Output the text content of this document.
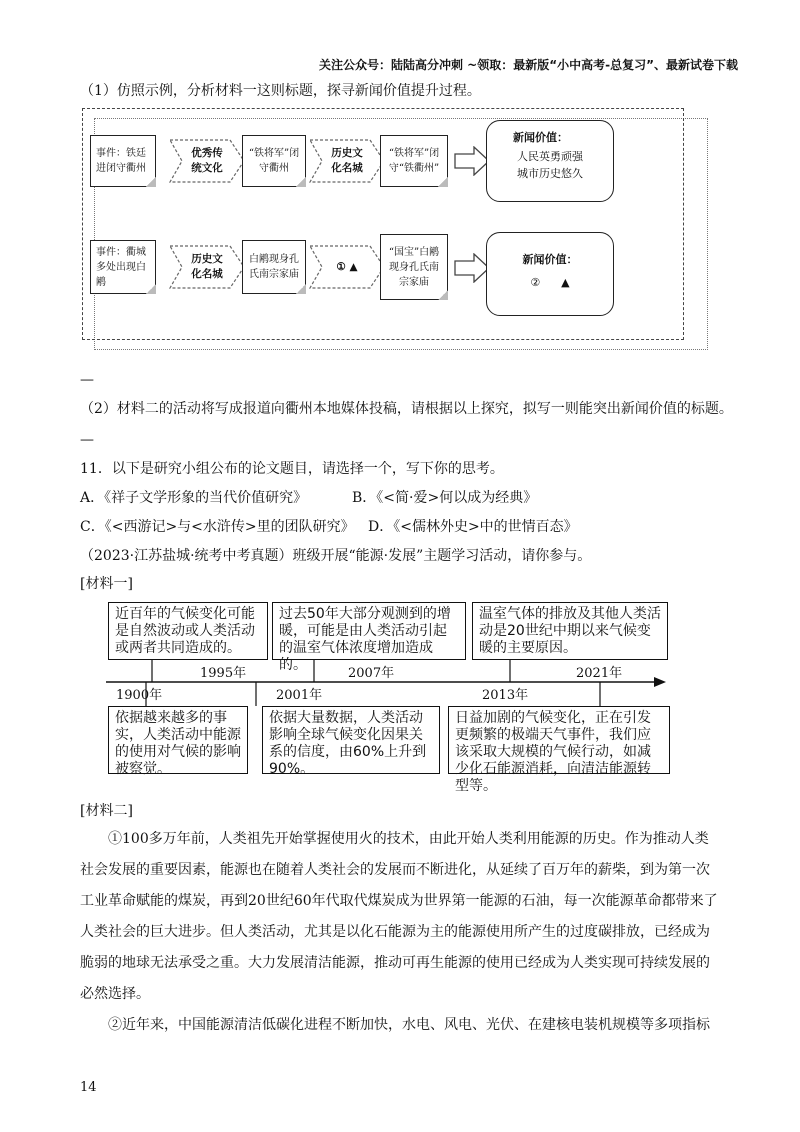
关注公众号：陆陆高分冲刺 ~领取：最新版“小中高考-总复习”、最新试卷下载
（1）仿照示例，分析材料一这则标题，探寻新闻价值提升过程。
事件：铁廷进闭守衢州
优秀传统文化
“铁将军”闭守衢州
历史文化名城
“铁将军”闭守“铁衢州”
新闻价值：
人民英勇顽强城市历史悠久
事件：衢城多处出现白鹇
历史文化名城
白鹇现身孔氏南宗家庙
① ▲
“国宝”白鹇现身孔氏南宗家庙
新闻价值：
②      ▲
—
（2）材料二的活动将写成报道向衢州本地媒体投稿，请根据以上探究，拟写一则能突出新闻价值的标题。
—
11．以下是研究小组公布的论文题目，请选择一个，写下你的思考。
A．《祥子文学形象的当代价值研究》	B．《<简·爱>何以成为经典》
C．《<西游记>与<水浒传>里的团队研究》 D．《<儒林外史>中的世情百态》
（2023·江苏盐城·统考中考真题）班级开展“能源·发展”主题学习活动，请你参与。
[材料一]
近百年的气候变化可能是自然波动或人类活动或两者共同造成的。
过去50年大部分观测到的增暖，可能是由人类活动引起的温室气体浓度增加造成的。
温室气体的排放及其他人类活动是20世纪中期以来气候变暖的主要原因。
1900年
1995年
2001年
2007年
2013年
2021年
依据越来越多的事实，人类活动中能源的使用对气候的影响被察觉。
依据大量数据，人类活动影响全球气候变化因果关系的信度，由60%上升到90%。
日益加剧的气候变化，正在引发更频繁的极端天气事件，我们应该采取大规模的气候行动，如减少化石能源消耗，向清洁能源转型等。
[材料二]

①100多万年前，人类祖先开始掌握使用火的技术，由此开始人类利用能源的历史。作为推动人类社会发展的重要因素，能源也在随着人类社会的发展而不断进化，从延续了百万年的薪柴，到为第一次工业革命赋能的煤炭，再到20世纪60年代取代煤炭成为世界第一能源的石油，每一次能源革命都带来了人类社会的巨大进步。但人类活动，尤其是以化石能源为主的能源使用所产生的过度碳排放，已经成为脆弱的地球无法承受之重。大力发展清洁能源，推动可再生能源的使用已经成为人类实现可持续发展的必然选择。

②近年来，中国能源清洁低碳化进程不断加快，水电、风电、光伏、在建核电装机规模等多项指标

14
